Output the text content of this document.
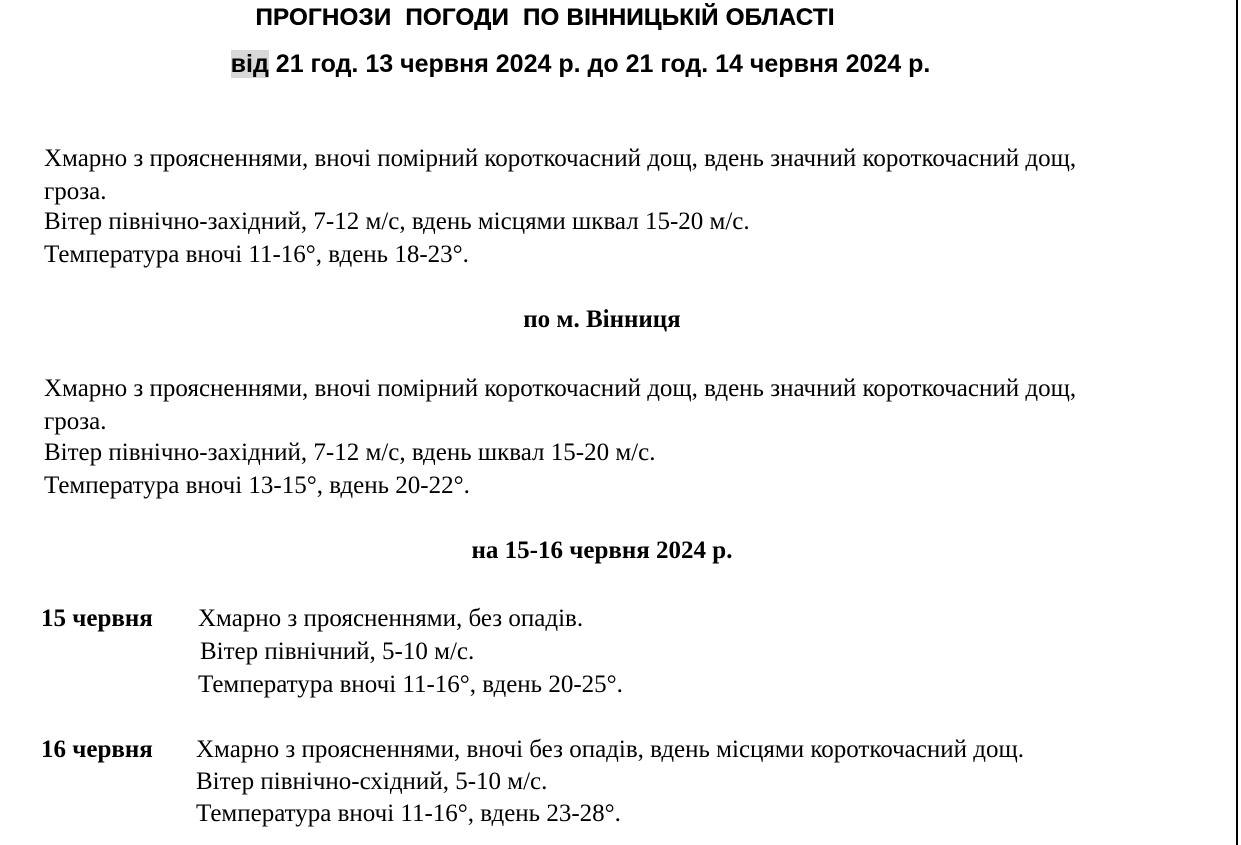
ПРОГНОЗИ  ПОГОДИ  ПО ВІННИЦЬКІЙ ОБЛАСТІ
від 21 год. 13 червня 2024 р. до 21 год. 14 червня 2024 р.
Хмарно з проясненнями, вночі помірний короткочасний дощ, вдень значний короткочасний дощ,
гроза.
Вітер північно-західний, 7-12 м/с, вдень місцями шквал 15-20 м/с.
Температура вночі 11-16°, вдень 18-23°.
по м. Вінниця
Хмарно з проясненнями, вночі помірний короткочасний дощ, вдень значний короткочасний дощ,
гроза.
Вітер північно-західний, 7-12 м/с, вдень шквал 15-20 м/с.
Температура вночі 13-15°, вдень 20-22°.
на 15-16 червня 2024 р.
15 червня Хмарно з проясненнями, без опадів.
Вітер північний, 5-10 м/с.
Температура вночі 11-16°, вдень 20-25°.
16 червня Хмарно з проясненнями, вночі без опадів, вдень місцями короткочасний дощ.
Вітер північно-східний, 5-10 м/с.
Температура вночі 11-16°, вдень 23-28°.
